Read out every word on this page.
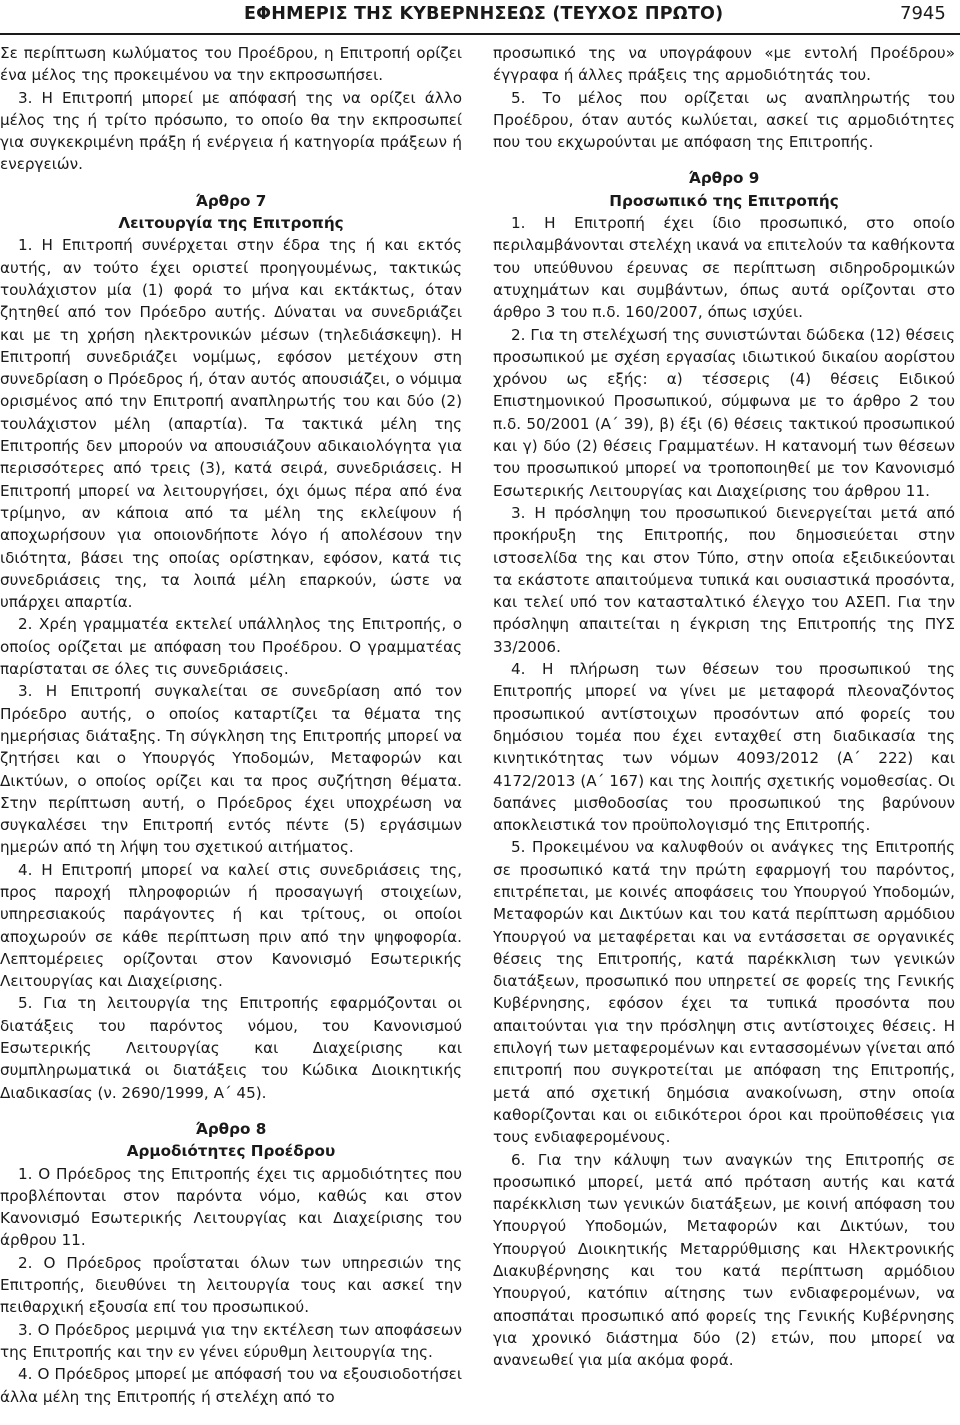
ΕΦΗΜΕΡΙΣ ΤΗΣ ΚΥΒΕΡΝΗΣΕΩΣ (ΤΕΥΧΟΣ ΠΡΩΤΟ)	7945

Σε περίπτωση κωλύματος του Προέδρου, η Επιτροπή ορίζει ένα μέλος της προκειμένου να την εκπροσωπήσει.

3. Η Επιτροπή μπορεί με απόφασή της να ορίζει άλλο μέλος της ή τρίτο πρόσωπο, το οποίο θα την εκπροσωπεί για συγκεκριμένη πράξη ή ενέργεια ή κατηγορία πράξεων ή ενεργειών.

Άρθρο 7
Λειτουργία της Επιτροπής

1. Η Επιτροπή συνέρχεται στην έδρα της ή και εκτός αυτής, αν τούτο έχει οριστεί προηγουμένως, τακτικώς τουλάχιστον μία (1) φορά το μήνα και εκτάκτως, όταν ζητηθεί από τον Πρόεδρο αυτής. Δύναται να συνεδριάζει και με τη χρήση ηλεκτρονικών μέσων (τηλεδιάσκεψη). Η Επιτροπή συνεδριάζει νομίμως, εφόσον μετέχουν στη συνεδρίαση ο Πρόεδρος ή, όταν αυτός απουσιάζει, ο νόμιμα ορισμένος από την Επιτροπή αναπληρωτής του και δύο (2) τουλάχιστον μέλη (απαρτία). Τα τακτικά μέλη της Επιτροπής δεν μπορούν να απουσιάζουν αδικαιολόγητα για περισσότερες από τρεις (3), κατά σειρά, συνεδριάσεις. Η Επιτροπή μπορεί να λειτουργήσει, όχι όμως πέρα από ένα τρίμηνο, αν κάποια από τα μέλη της εκλείψουν ή αποχωρήσουν για οποιονδήποτε λόγο ή απολέσουν την ιδιότητα, βάσει της οποίας ορίστηκαν, εφόσον, κατά τις συνεδριάσεις της, τα λοιπά μέλη επαρκούν, ώστε να υπάρχει απαρτία.

2. Χρέη γραμματέα εκτελεί υπάλληλος της Επιτροπής, ο οποίος ορίζεται με απόφαση του Προέδρου. Ο γραμματέας παρίσταται σε όλες τις συνεδριάσεις.

3. Η Επιτροπή συγκαλείται σε συνεδρίαση από τον Πρόεδρο αυτής, ο οποίος καταρτίζει τα θέματα της ημερήσιας διάταξης. Τη σύγκληση της Επιτροπής μπορεί να ζητήσει και ο Υπουργός Υποδομών, Μεταφορών και Δικτύων, ο οποίος ορίζει και τα προς συζήτηση θέματα. Στην περίπτωση αυτή, ο Πρόεδρος έχει υποχρέωση να συγκαλέσει την Επιτροπή εντός πέντε (5) εργάσιμων ημερών από τη λήψη του σχετικού αιτήματος.

4. Η Επιτροπή μπορεί να καλεί στις συνεδριάσεις της, προς παροχή πληροφοριών ή προσαγωγή στοιχείων, υπηρεσιακούς παράγοντες ή και τρίτους, οι οποίοι αποχωρούν σε κάθε περίπτωση πριν από την ψηφοφορία. Λεπτομέρειες ορίζονται στον Κανονισμό Εσωτερικής Λειτουργίας και Διαχείρισης.

5. Για τη λειτουργία της Επιτροπής εφαρμόζονται οι διατάξεις του παρόντος νόμου, του Κανονισμού Εσωτερικής Λειτουργίας και Διαχείρισης και συμπληρωματικά οι διατάξεις του Κώδικα Διοικητικής Διαδικασίας (ν. 2690/1999, Α΄ 45).

Άρθρο 8
Αρμοδιότητες Προέδρου

1. Ο Πρόεδρος της Επιτροπής έχει τις αρμοδιότητες που προβλέπονται στον παρόντα νόμο, καθώς και στον Κανονισμό Εσωτερικής Λειτουργίας και Διαχείρισης του άρθρου 11.

2. Ο Πρόεδρος προΐσταται όλων των υπηρεσιών της Επιτροπής, διευθύνει τη λειτουργία τους και ασκεί την πειθαρχική εξουσία επί του προσωπικού.

3. Ο Πρόεδρος μεριμνά για την εκτέλεση των αποφάσεων της Επιτροπής και την εν γένει εύρυθμη λειτουργία της.

4. Ο Πρόεδρος μπορεί με απόφασή του να εξουσιοδοτήσει άλλα μέλη της Επιτροπής ή στελέχη από το

προσωπικό της να υπογράφουν «με εντολή Προέδρου» έγγραφα ή άλλες πράξεις της αρμοδιότητάς του.

5. Το μέλος που ορίζεται ως αναπληρωτής του Προέδρου, όταν αυτός κωλύεται, ασκεί τις αρμοδιότητες που του εκχωρούνται με απόφαση της Επιτροπής.

Άρθρο 9
Προσωπικό της Επιτροπής

1. Η Επιτροπή έχει ίδιο προσωπικό, στο οποίο περιλαμβάνονται στελέχη ικανά να επιτελούν τα καθήκοντα του υπεύθυνου έρευνας σε περίπτωση σιδηροδρομικών ατυχημάτων και συμβάντων, όπως αυτά ορίζονται στο άρθρο 3 του π.δ. 160/2007, όπως ισχύει.

2. Για τη στελέχωσή της συνιστώνται δώδεκα (12) θέσεις προσωπικού με σχέση εργασίας ιδιωτικού δικαίου αορίστου χρόνου ως εξής: α) τέσσερις (4) θέσεις Ειδικού Επιστημονικού Προσωπικού, σύμφωνα με το άρθρο 2 του π.δ. 50/2001 (Α΄ 39), β) έξι (6) θέσεις τακτικού προσωπικού και γ) δύο (2) θέσεις Γραμματέων. Η κατανομή των θέσεων του προσωπικού μπορεί να τροποποιηθεί με τον Κανονισμό Εσωτερικής Λειτουργίας και Διαχείρισης του άρθρου 11.

3. Η πρόσληψη του προσωπικού διενεργείται μετά από προκήρυξη της Επιτροπής, που δημοσιεύεται στην ιστοσελίδα της και στον Τύπο, στην οποία εξειδικεύονται τα εκάστοτε απαιτούμενα τυπικά και ουσιαστικά προσόντα, και τελεί υπό τον κατασταλτικό έλεγχο του ΑΣΕΠ. Για την πρόσληψη απαιτείται η έγκριση της Επιτροπής της ΠΥΣ 33/2006.

4. Η πλήρωση των θέσεων του προσωπικού της Επιτροπής μπορεί να γίνει με μεταφορά πλεοναζόντος προσωπικού αντίστοιχων προσόντων από φορείς του δημόσιου τομέα που έχει ενταχθεί στη διαδικασία της κινητικότητας των νόμων 4093/2012 (Α΄ 222) και 4172/2013 (Α΄ 167) και της λοιπής σχετικής νομοθεσίας. Οι δαπάνες μισθοδοσίας του προσωπικού της βαρύνουν αποκλειστικά τον προϋπολογισμό της Επιτροπής.

5. Προκειμένου να καλυφθούν οι ανάγκες της Επιτροπής σε προσωπικό κατά την πρώτη εφαρμογή του παρόντος, επιτρέπεται, με κοινές αποφάσεις του Υπουργού Υποδομών, Μεταφορών και Δικτύων και του κατά περίπτωση αρμόδιου Υπουργού να μεταφέρεται και να εντάσσεται σε οργανικές θέσεις της Επιτροπής, κατά παρέκκλιση των γενικών διατάξεων, προσωπικό που υπηρετεί σε φορείς της Γενικής Κυβέρνησης, εφόσον έχει τα τυπικά προσόντα που απαιτούνται για την πρόσληψη στις αντίστοιχες θέσεις. Η επιλογή των μεταφερομένων και εντασσομένων γίνεται από επιτροπή που συγκροτείται με απόφαση της Επιτροπής, μετά από σχετική δημόσια ανακοίνωση, στην οποία καθορίζονται και οι ειδικότεροι όροι και προϋποθέσεις για τους ενδιαφερομένους.

6. Για την κάλυψη των αναγκών της Επιτροπής σε προσωπικό μπορεί, μετά από πρόταση αυτής και κατά παρέκκλιση των γενικών διατάξεων, με κοινή απόφαση του Υπουργού Υποδομών, Μεταφορών και Δικτύων, του Υπουργού Διοικητικής Μεταρρύθμισης και Ηλεκτρονικής Διακυβέρνησης και του κατά περίπτωση αρμόδιου Υπουργού, κατόπιν αίτησης των ενδιαφερομένων, να αποσπάται προσωπικό από φορείς της Γενικής Κυβέρνησης για χρονικό διάστημα δύο (2) ετών, που μπορεί να ανανεωθεί για μία ακόμα φορά.
